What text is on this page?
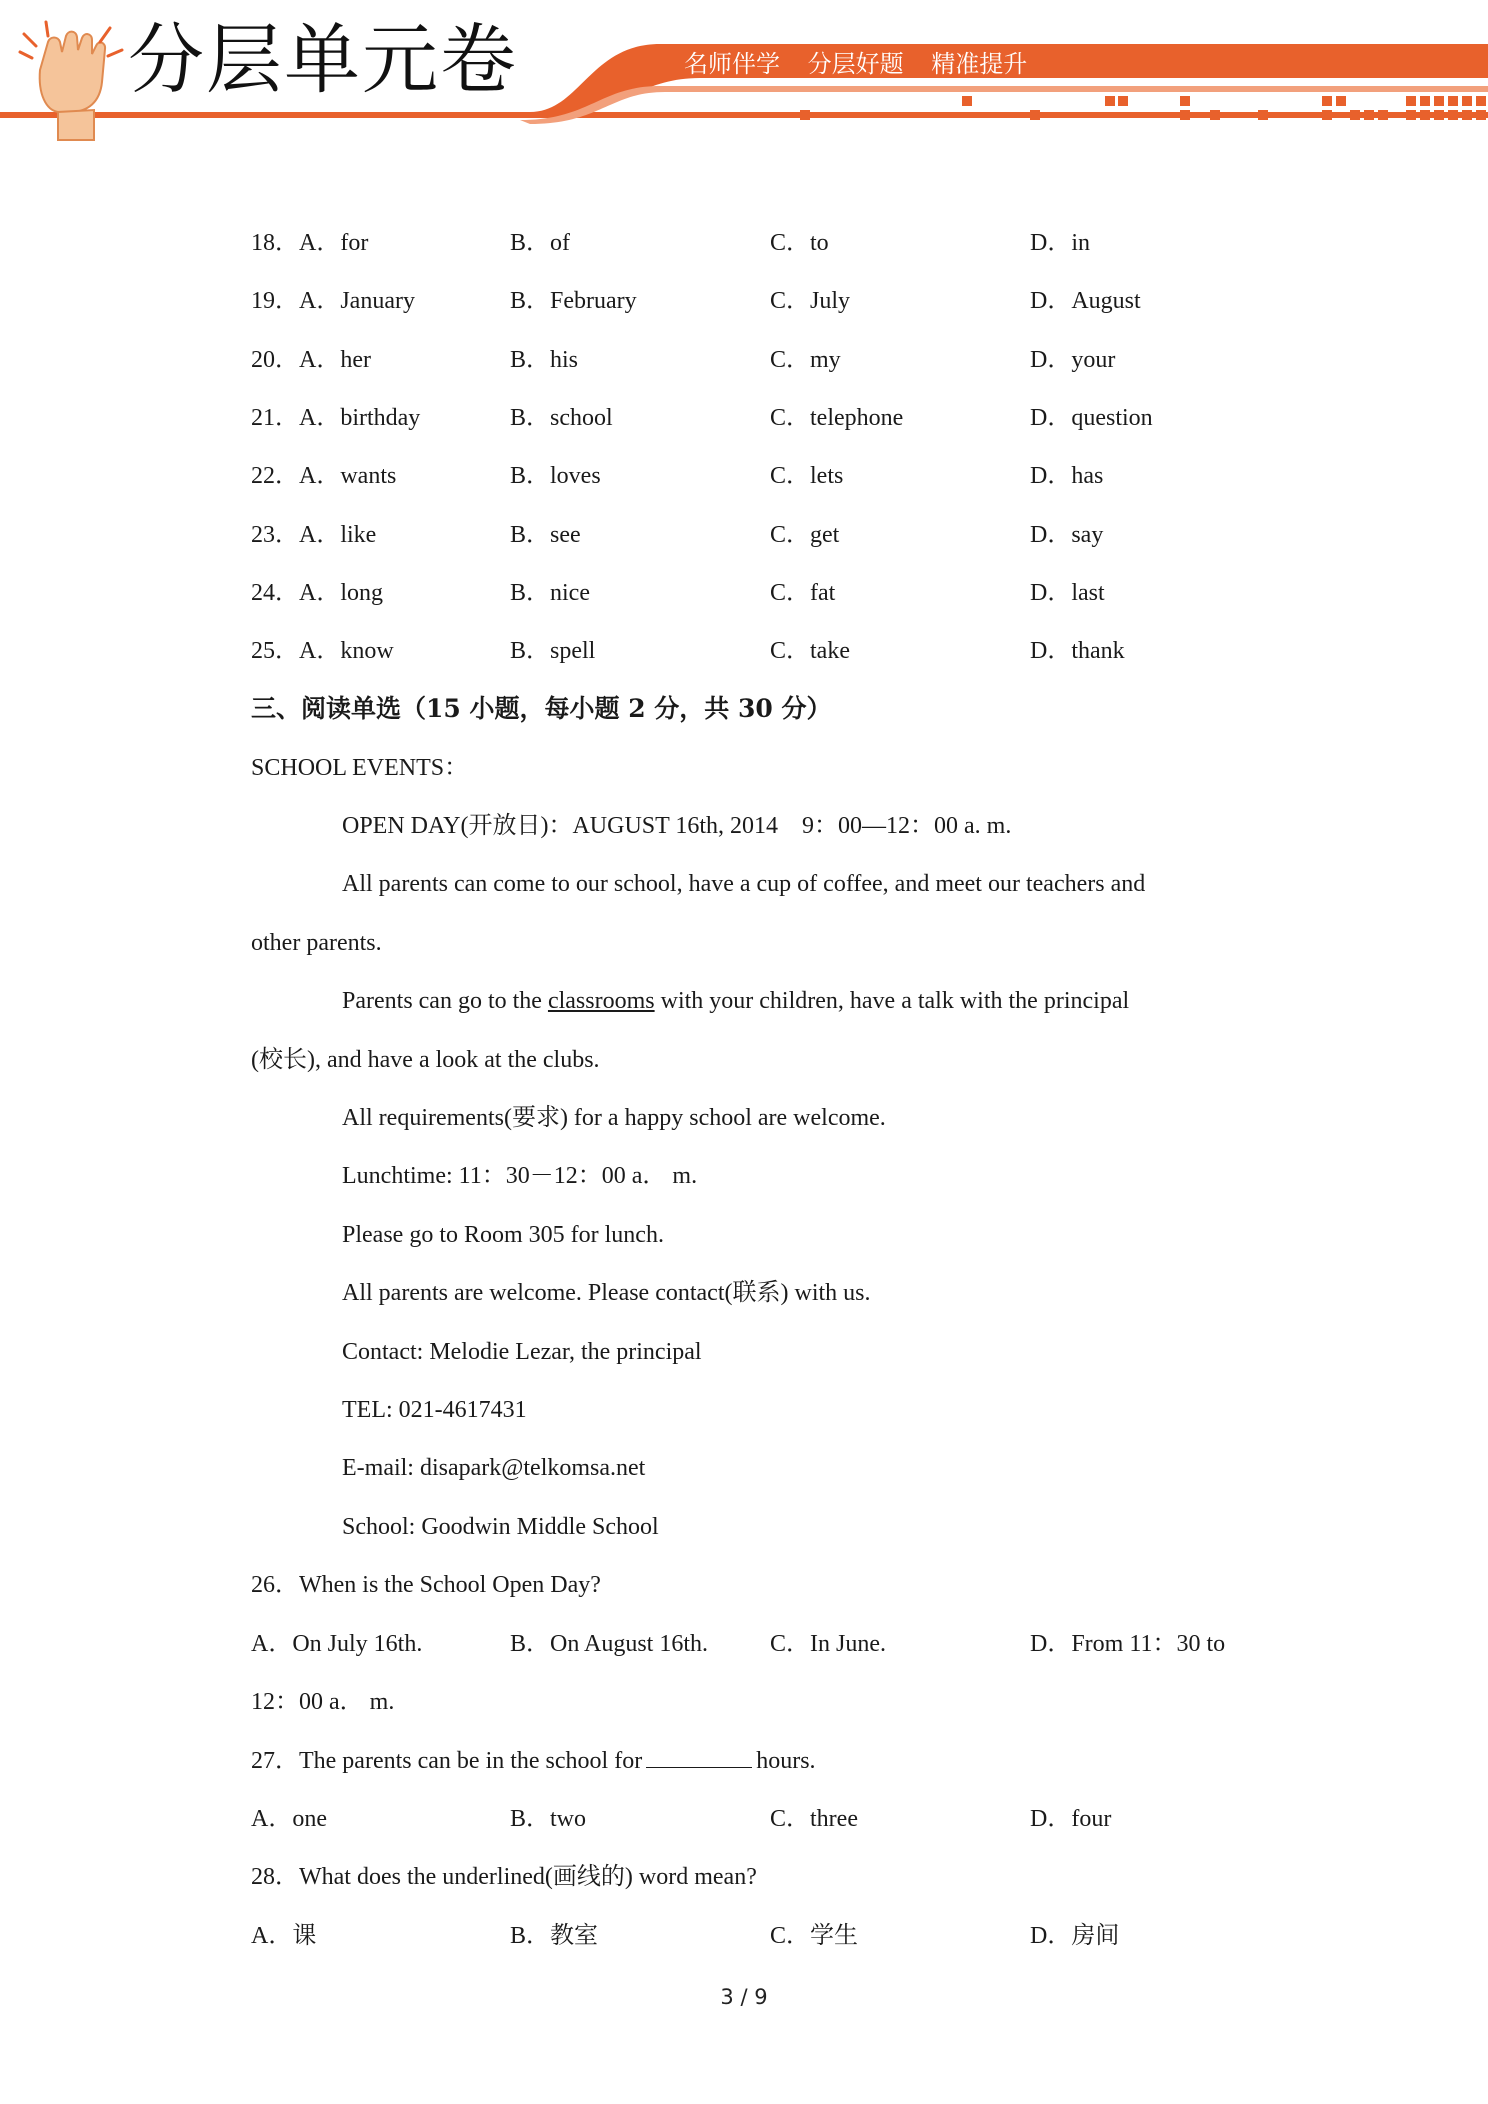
分层单元卷	名师伴学 分层好题 精准提升
18．A．for	B．of	C．to	D．in
19．A．January	B．February	C．July	D．August
20．A．her	B．his	C．my	D．your
21．A．birthday	B．school	C．telephone	D．question
22．A．wants	B．loves	C．lets	D．has
23．A．like	B．see	C．get	D．say
24．A．long	B．nice	C．fat	D．last
25．A．know	B．spell	C．take	D．thank
三、阅读单选（15 小题，每小题 2 分，共 30 分）
SCHOOL EVENTS：
OPEN DAY(开放日)：AUGUST 16th, 2014　9：00—12：00 a. m.
All parents can come to our school, have a cup of coffee, and meet our teachers and
other parents.
Parents can go to the classrooms with your children, have a talk with the principal
(校长), and have a look at the clubs.
All requirements(要求) for a happy school are welcome.
Lunchtime: 11：30－12：00 a． m.
Please go to Room 305 for lunch.
All parents are welcome. Please contact(联系) with us.
Contact: Melodie Lezar, the principal
TEL: 021-4617431
E-mail: disapark@telkomsa.net
School: Goodwin Middle School
26．When is the School Open Day?
A．On July 16th.	B．On August 16th.	C．In June.	D．From 11：30 to
12：00 a． m.
27．The parents can be in the school for	hours.
A．one	B．two	C．three	D．four
28．What does the underlined(画线的) word mean?
A．课	B．教室	C．学生	D．房间
3 / 9
